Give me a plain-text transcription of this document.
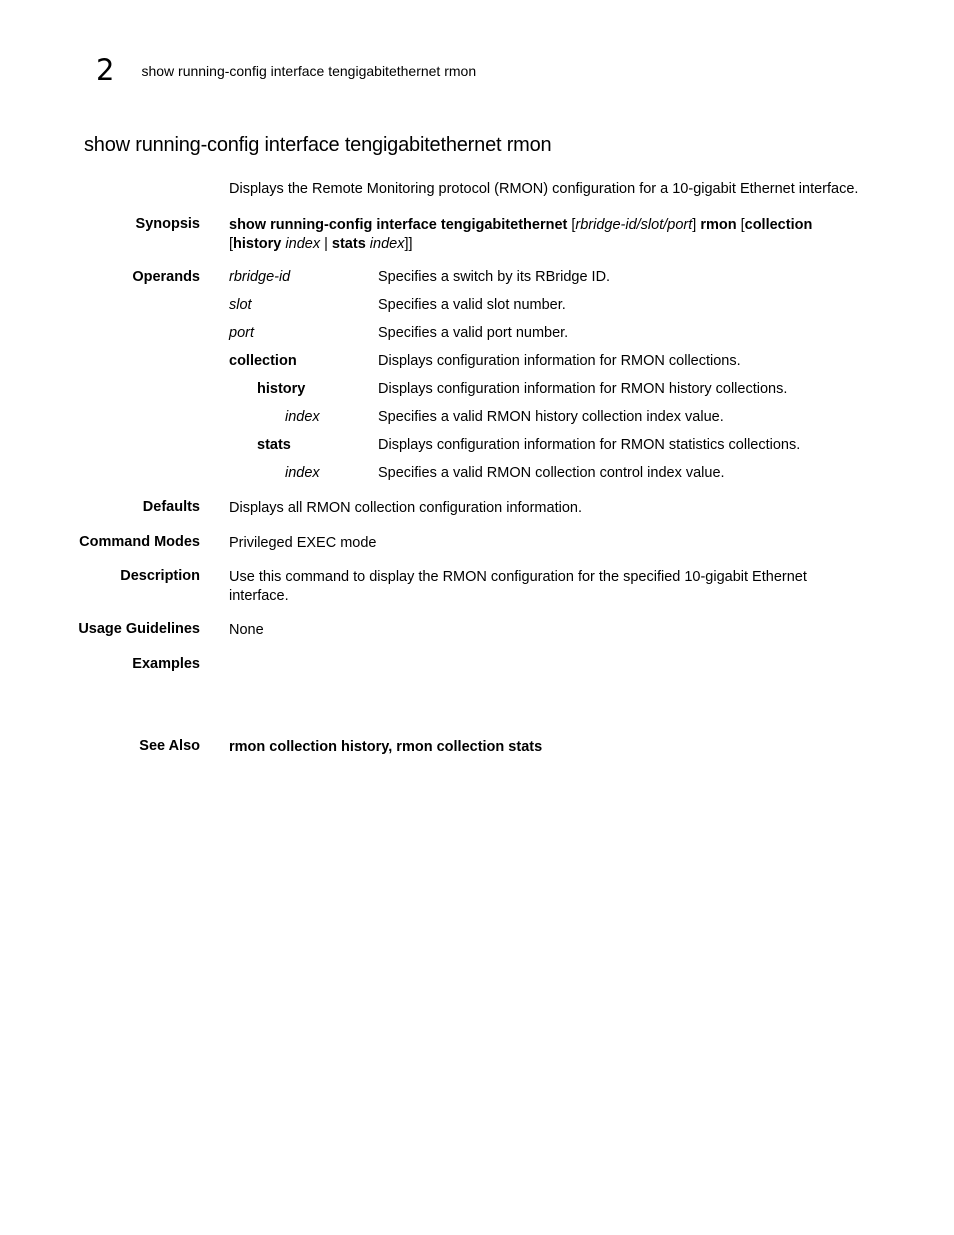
2 show running-config interface tengigabitethernet rmon
show running-config interface tengigabitethernet rmon
Displays the Remote Monitoring protocol (RMON) configuration for a 10-gigabit Ethernet interface.
Synopsis show running-config interface tengigabitethernet [rbridge-id/slot/port] rmon [collection
[history index | stats index]]
Operands rbridge-id	Specifies a switch by its RBridge ID.
slot	Specifies a valid slot number.
port	Specifies a valid port number.
collection	Displays configuration information for RMON collections.
history	Displays configuration information for RMON history collections.
index	Specifies a valid RMON history collection index value.
stats	Displays configuration information for RMON statistics collections.
index	Specifies a valid RMON collection control index value.
Defaults Displays all RMON collection configuration information.
Command Modes Privileged EXEC mode
Description Use this command to display the RMON configuration for the specified 10-gigabit Ethernet interface.
Usage Guidelines None
Examples
See Also rmon collection history, rmon collection stats
